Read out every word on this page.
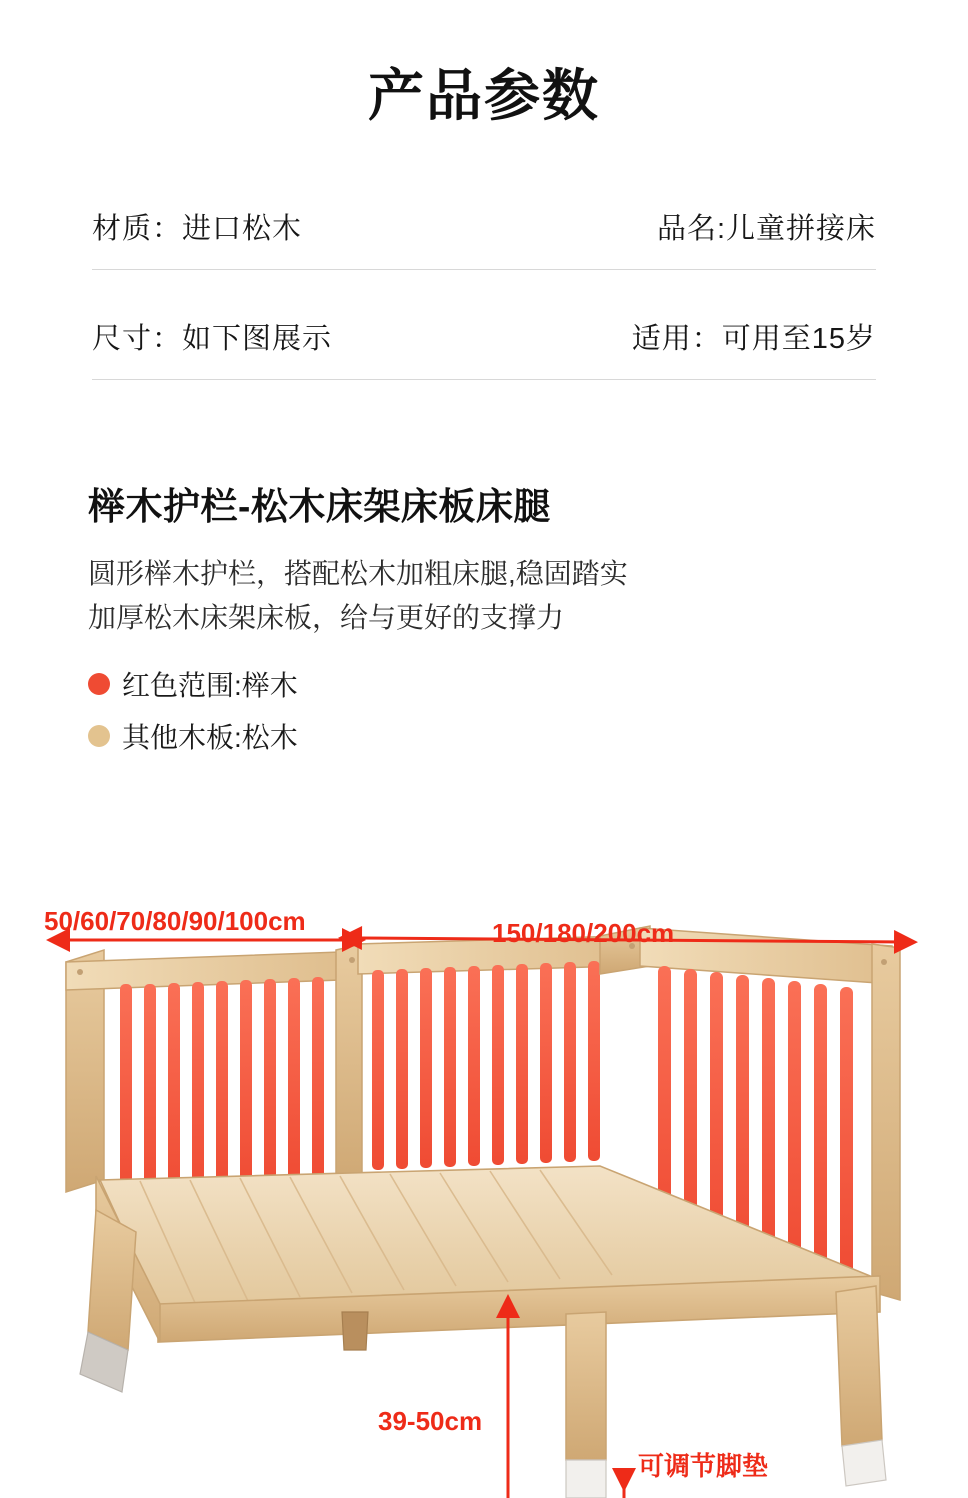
产品参数
材质：进口松木	品名:儿童拼接床
尺寸：如下图展示	适用：可用至15岁
榉木护栏-松木床架床板床腿
圆形榉木护栏，搭配松木加粗床腿,稳固踏实
加厚松木床架床板，给与更好的支撑力
红色范围:榉木
其他木板:松木
50/60/70/80/90/100cm	150/180/200cm
39-50cm
可调节脚垫
